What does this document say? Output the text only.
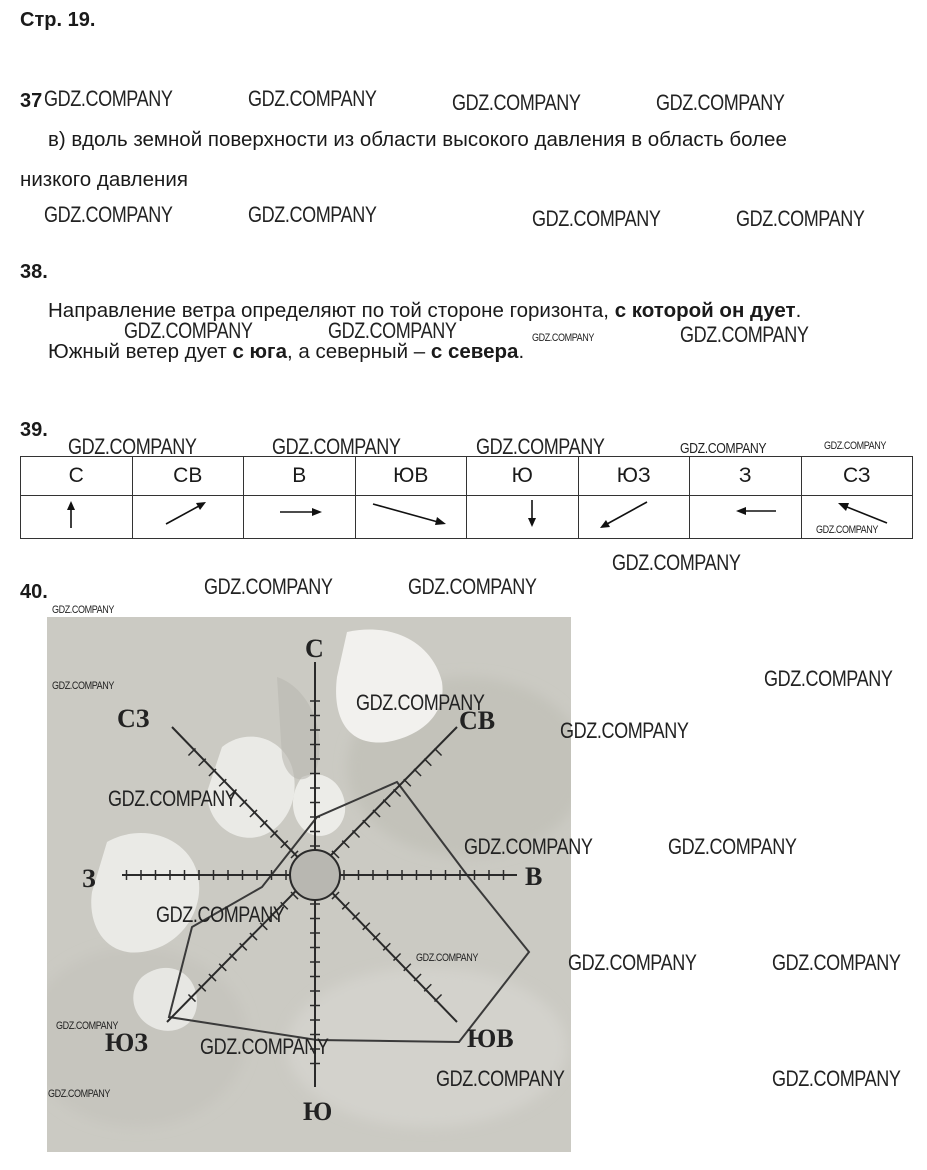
Стр. 19.
37
в) вдоль земной поверхности из области высокого давления в область более
низкого давления
38.
Направление ветра определяют по той стороне горизонта, с которой он дует.
Южный ветер дует с юга, а северный – с севера.
39.
С	СВ	В	ЮВ	Ю	ЮЗ	З	СЗ

40.
С
СВ
В
ЮВ
Ю
ЮЗ
З
СЗ
GDZ.COMPANY	GDZ.COMPANY	GDZ.COMPANY	GDZ.COMPANY
GDZ.COMPANY	GDZ.COMPANY	GDZ.COMPANY	GDZ.COMPANY
GDZ.COMPANY	GDZ.COMPANY	GDZ.COMPANY	GDZ.COMPANY
GDZ.COMPANY	GDZ.COMPANY	GDZ.COMPANY	GDZ.COMPANY	GDZ.COMPANY
GDZ.COMPANY
GDZ.COMPANY
GDZ.COMPANY	GDZ.COMPANY
GDZ.COMPANY
GDZ.COMPANY	GDZ.COMPANY
GDZ.COMPANY
GDZ.COMPANY
GDZ.COMPANY
GDZ.COMPANY	GDZ.COMPANY
GDZ.COMPANY
GDZ.COMPANY	GDZ.COMPANY	GDZ.COMPANY
GDZ.COMPANY
GDZ.COMPANY
GDZ.COMPANY	GDZ.COMPANY
GDZ.COMPANY
